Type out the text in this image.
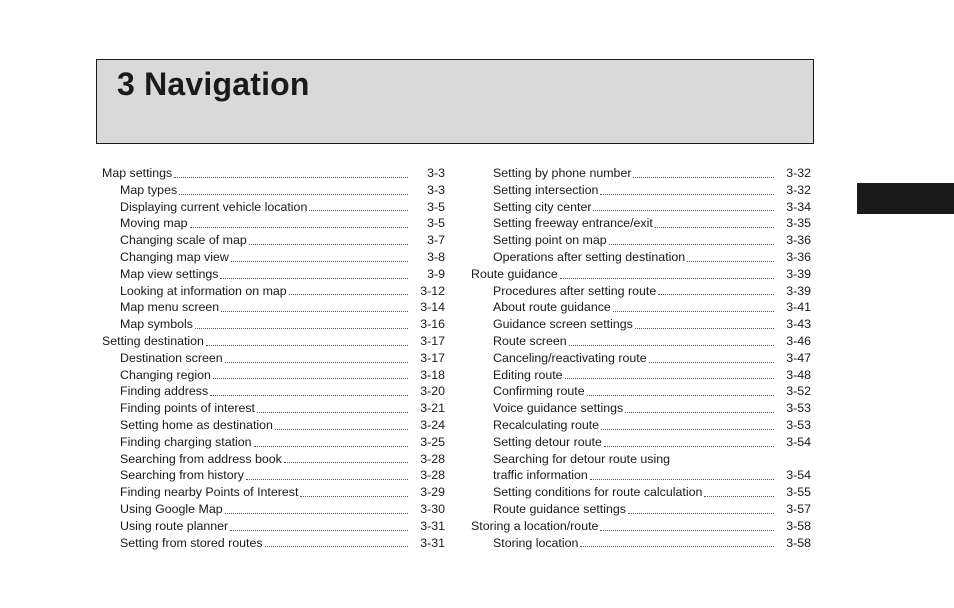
3 Navigation
Map settings	3-3
Map types	3-3
Displaying current vehicle location	3-5
Moving map	3-5
Changing scale of map	3-7
Changing map view	3-8
Map view settings	3-9
Looking at information on map	3-12
Map menu screen	3-14
Map symbols	3-16
Setting destination	3-17
Destination screen	3-17
Changing region	3-18
Finding address	3-20
Finding points of interest	3-21
Setting home as destination	3-24
Finding charging station	3-25
Searching from address book	3-28
Searching from history	3-28
Finding nearby Points of Interest	3-29
Using Google Map	3-30
Using route planner	3-31
Setting from stored routes	3-31
Setting by phone number	3-32
Setting intersection	3-32
Setting city center	3-34
Setting freeway entrance/exit	3-35
Setting point on map	3-36
Operations after setting destination	3-36
Route guidance	3-39
Procedures after setting route	3-39
About route guidance	3-41
Guidance screen settings	3-43
Route screen	3-46
Canceling/reactivating route	3-47
Editing route	3-48
Confirming route	3-52
Voice guidance settings	3-53
Recalculating route	3-53
Setting detour route	3-54
Searching for detour route using
traffic information	3-54
Setting conditions for route calculation	3-55
Route guidance settings	3-57
Storing a location/route	3-58
Storing location	3-58
